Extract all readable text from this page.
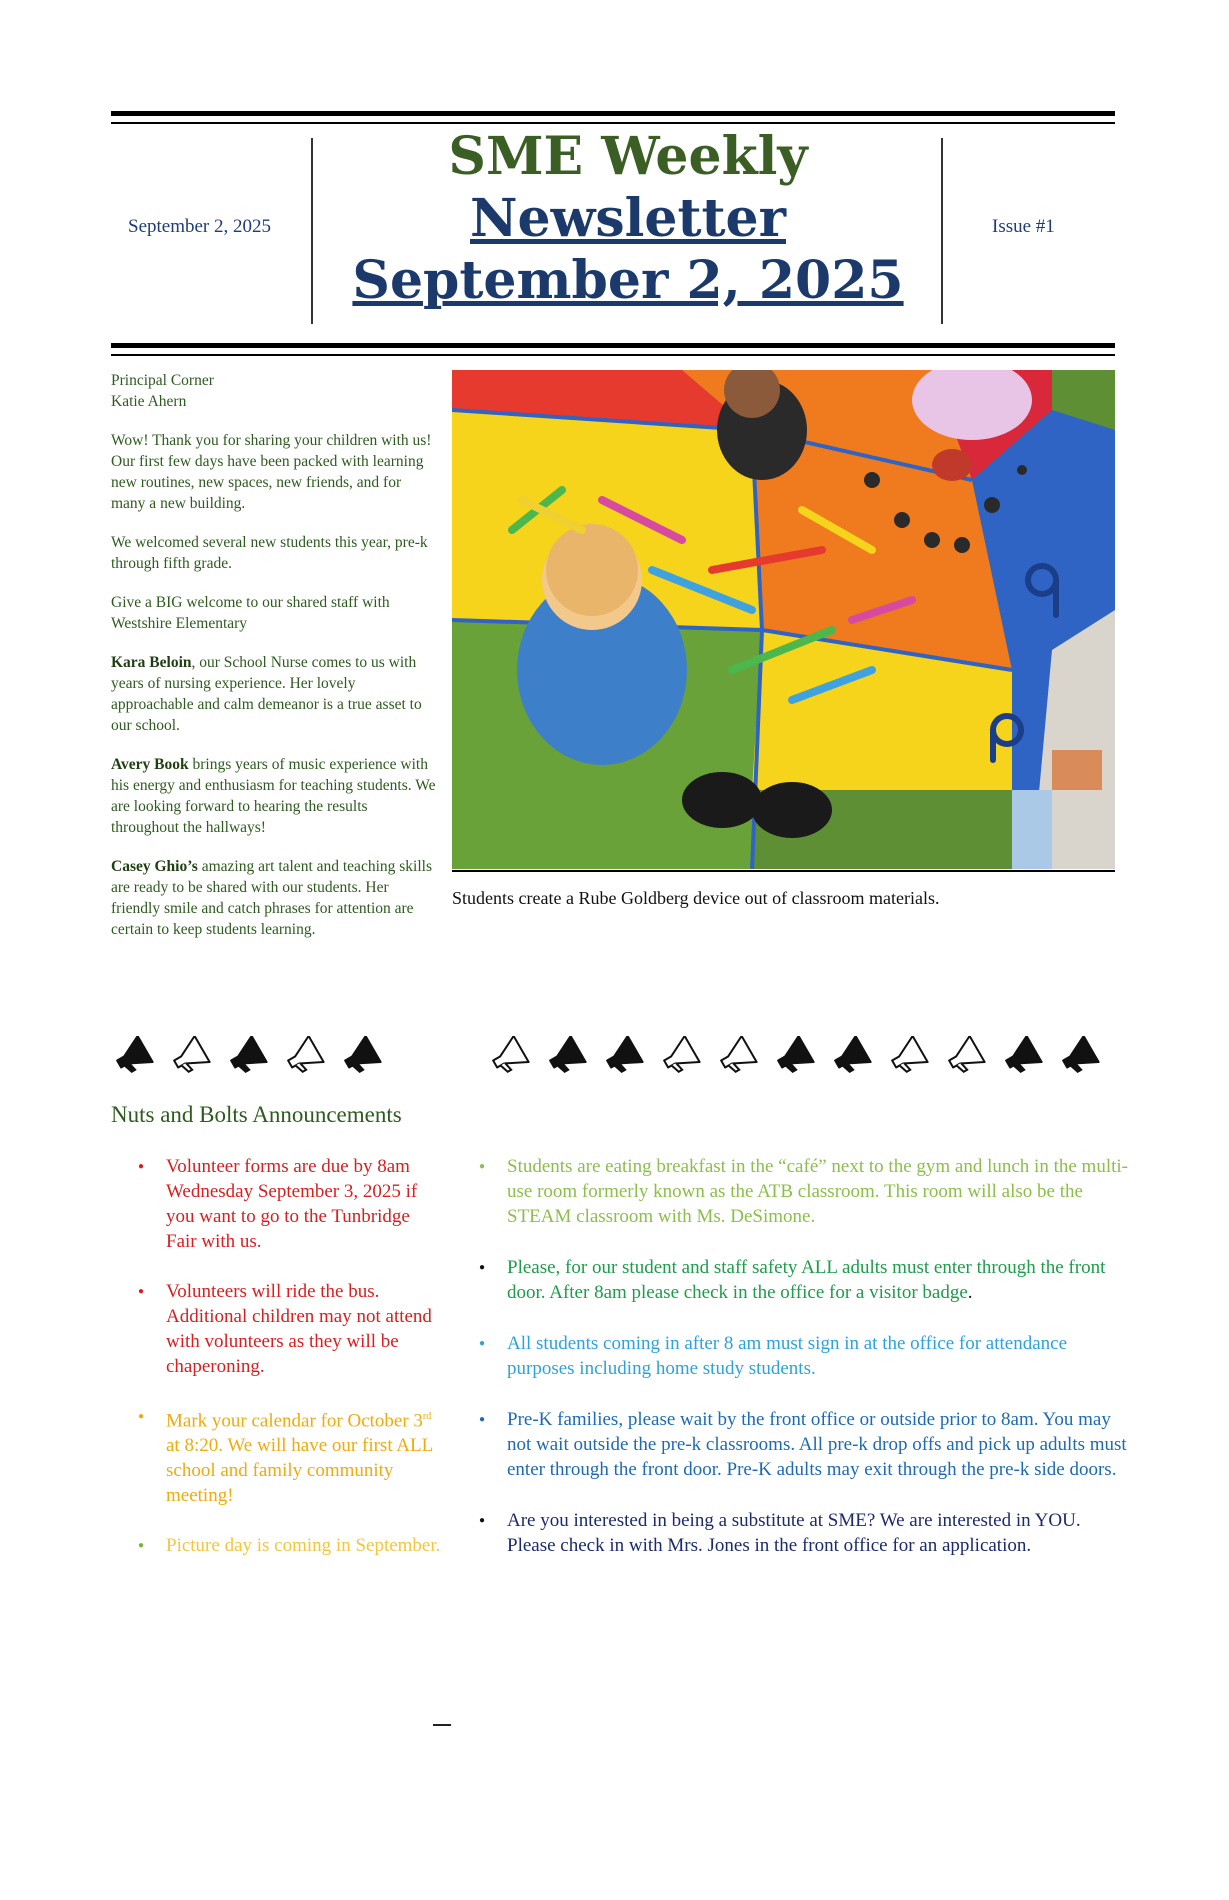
September 2, 2025
SME Weekly
Newsletter
September 2, 2025
Issue #1

Principal Corner
Katie Ahern

Wow! Thank you for sharing your children with us! Our first few days have been packed with learning new routines, new spaces, new friends, and for many a new building.

We welcomed several new students this year, pre-k through fifth grade.

Give a BIG welcome to our shared staff with Westshire Elementary

Kara Beloin, our School Nurse comes to us with years of nursing experience. Her lovely approachable and calm demeanor is a true asset to our school.

Avery Book brings years of music experience with his energy and enthusiasm for teaching students. We are looking forward to hearing the results throughout the hallways!

Casey Ghio’s amazing art talent and teaching skills are ready to be shared with our students. Her friendly smile and catch phrases for attention are certain to keep students learning.

Students create a Rube Goldberg device out of classroom materials.
Nuts and Bolts Announcements
● Volunteer forms are due by 8am Wednesday September 3, 2025 if you want to go to the Tunbridge Fair with us.
● Volunteers will ride the bus. Additional children may not attend with volunteers as they will be chaperoning.
● Mark your calendar for October 3rd at 8:20. We will have our first ALL school and family community meeting!
● Picture day is coming in September.
● Students are eating breakfast in the “café” next to the gym and lunch in the multi-use room formerly known as the ATB classroom. This room will also be the STEAM classroom with Ms. DeSimone.
● Please, for our student and staff safety ALL adults must enter through the front door. After 8am please check in the office for a visitor badge.
● All students coming in after 8 am must sign in at the office for attendance purposes including home study students.
● Pre-K families, please wait by the front office or outside prior to 8am. You may not wait outside the pre-k classrooms. All pre-k drop offs and pick up adults must enter through the front door. Pre-K adults may exit through the pre-k side doors.
● Are you interested in being a substitute at SME? We are interested in YOU. Please check in with Mrs. Jones in the front office for an application.
